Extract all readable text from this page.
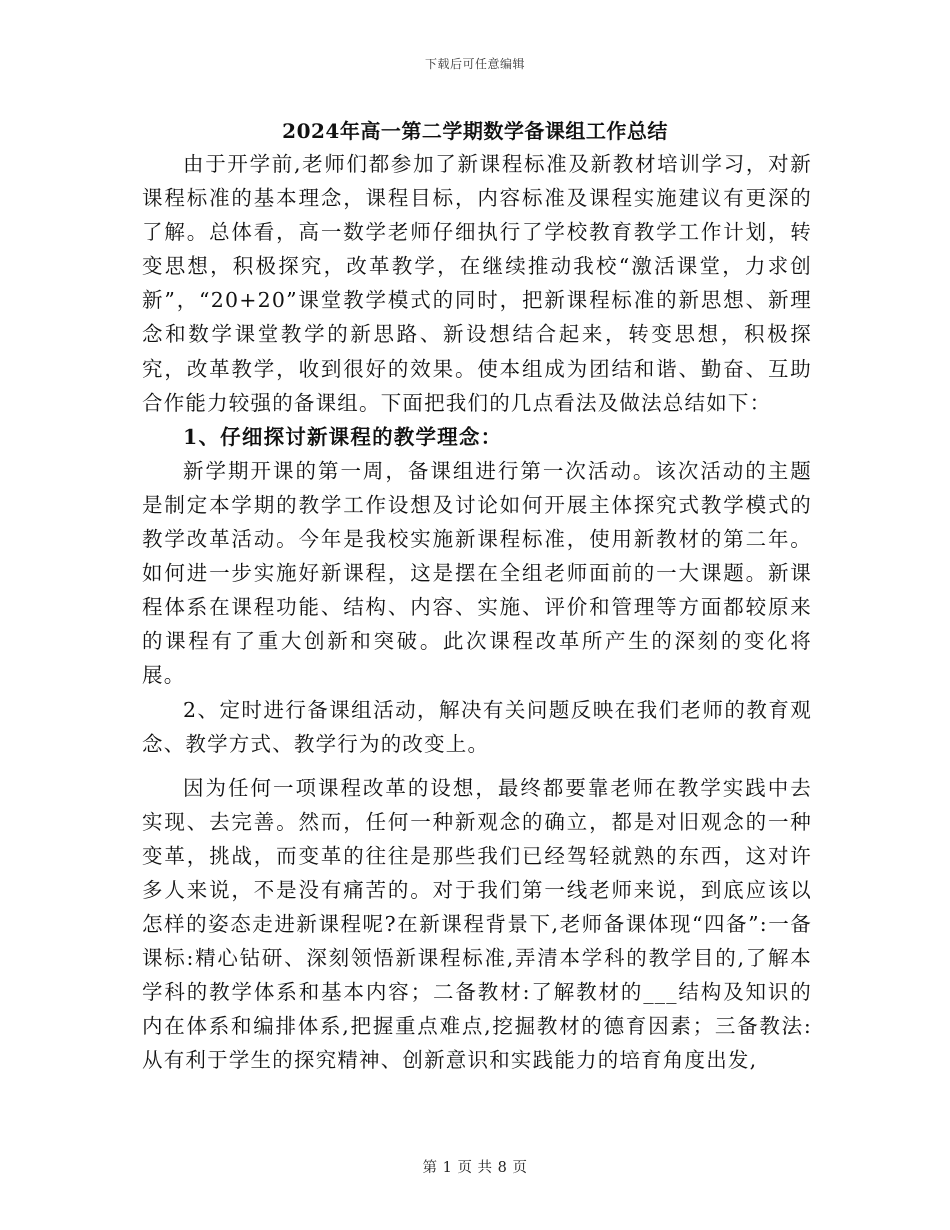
下载后可任意编辑
2024年高一第二学期数学备课组工作总结

由于开学前,老师们都参加了新课程标准及新教材培训学习，对新课程标准的基本理念，课程目标，内容标准及课程实施建议有更深的了解。总体看，高一数学老师仔细执行了学校教育教学工作计划，转变思想，积极探究，改革教学，在继续推动我校“激活课堂，力求创新”，“20+20”课堂教学模式的同时，把新课程标准的新思想、新理念和数学课堂教学的新思路、新设想结合起来，转变思想，积极探究，改革教学，收到很好的效果。使本组成为团结和谐、勤奋、互助合作能力较强的备课组。下面把我们的几点看法及做法总结如下：

1、仔细探讨新课程的教学理念：

新学期开课的第一周，备课组进行第一次活动。该次活动的主题是制定本学期的教学工作设想及讨论如何开展主体探究式教学模式的教学改革活动。今年是我校实施新课程标准，使用新教材的第二年。如何进一步实施好新课程，这是摆在全组老师面前的一大课题。新课程体系在课程功能、结构、内容、实施、评价和管理等方面都较原来的课程有了重大创新和突破。此次课程改革所产生的深刻的变化将展。

2、定时进行备课组活动，解决有关问题反映在我们老师的教育观念、教学方式、教学行为的改变上。

因为任何一项课程改革的设想，最终都要靠老师在教学实践中去实现、去完善。然而，任何一种新观念的确立，都是对旧观念的一种变革，挑战，而变革的往往是那些我们已经驾轻就熟的东西，这对许多人来说，不是没有痛苦的。对于我们第一线老师来说，到底应该以怎样的姿态走进新课程呢?在新课程背景下,老师备课体现“四备”:一备课标:精心钻研、深刻领悟新课程标准,弄清本学科的教学目的,了解本学科的教学体系和基本内容；二备教材:了解教材的___结构及知识的内在体系和编排体系,把握重点难点,挖掘教材的德育因素；三备教法:从有利于学生的探究精神、创新意识和实践能力的培育角度出发,

第 1 页 共 8 页
